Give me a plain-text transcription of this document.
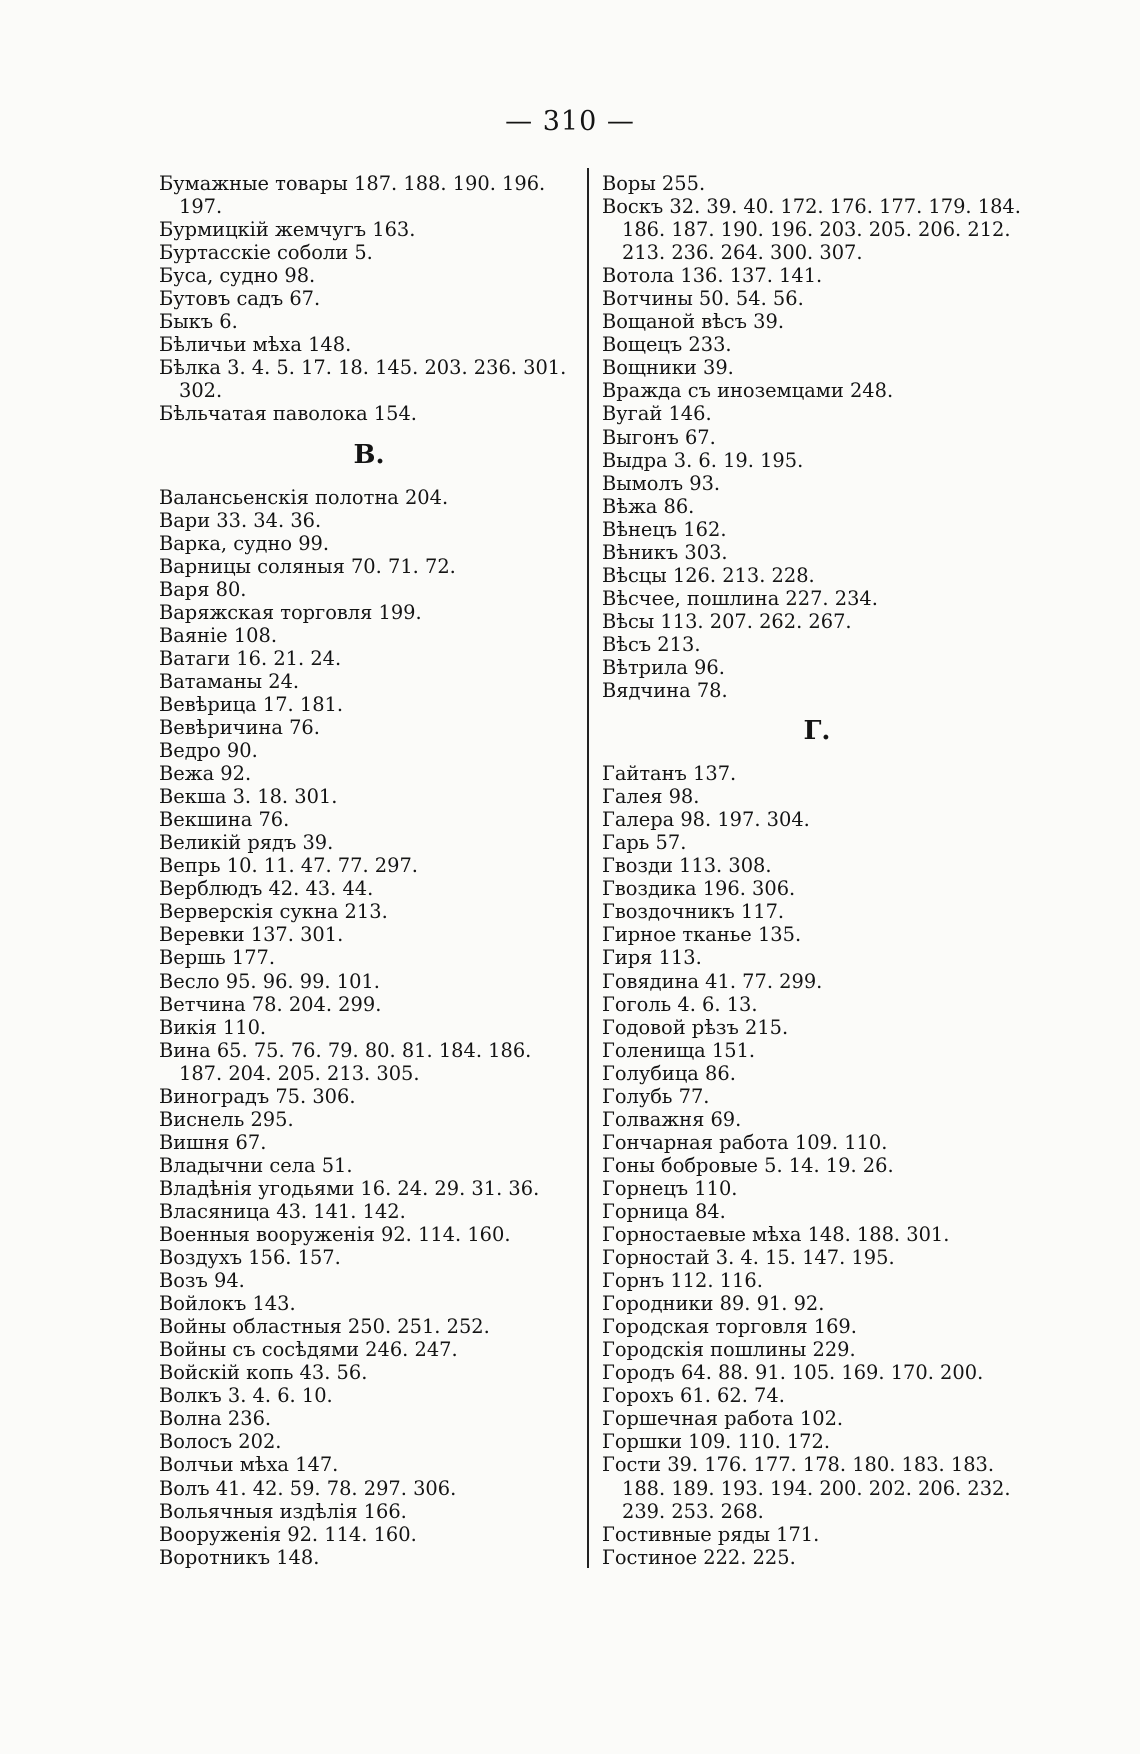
— 310 —
Бумажные товары 187. 188. 190. 196. 197.
Бурмицкій жемчугъ 163.
Буртасскіе соболи 5.
Буса, судно 98.
Бутовъ садъ 67.
Быкъ 6.
Бѣличьи мѣха 148.
Бѣлка 3. 4. 5. 17. 18. 145. 203. 236. 301. 302.
Бѣльчатая паволока 154.
В.
Валансьенскія полотна 204.
Вари 33. 34. 36.
Варка, судно 99.
Варницы соляныя 70. 71. 72.
Варя 80.
Варяжская торговля 199.
Ваяніе 108.
Ватаги 16. 21. 24.
Ватаманы 24.
Вевѣрица 17. 181.
Вевѣричина 76.
Ведро 90.
Вежа 92.
Векша 3. 18. 301.
Векшина 76.
Великій рядъ 39.
Вепрь 10. 11. 47. 77. 297.
Верблюдъ 42. 43. 44.
Верверскія сукна 213.
Веревки 137. 301.
Вершь 177.
Весло 95. 96. 99. 101.
Ветчина 78. 204. 299.
Викія 110.
Вина 65. 75. 76. 79. 80. 81. 184. 186. 187. 204. 205. 213. 305.
Виноградъ 75. 306.
Виснель 295.
Вишня 67.
Владычни села 51.
Владѣнія угодьями 16. 24. 29. 31. 36.
Власяница 43. 141. 142.
Военныя вооруженія 92. 114. 160.
Воздухъ 156. 157.
Возъ 94.
Войлокъ 143.
Войны областныя 250. 251. 252.
Войны съ сосѣдями 246. 247.
Войскій копь 43. 56.
Волкъ 3. 4. 6. 10.
Волна 236.
Волосъ 202.
Волчьи мѣха 147.
Волъ 41. 42. 59. 78. 297. 306.
Вольячныя издѣлія 166.
Вооруженія 92. 114. 160.
Воротникъ 148.
Воры 255.
Воскъ 32. 39. 40. 172. 176. 177. 179. 184. 186. 187. 190. 196. 203. 205. 206. 212. 213. 236. 264. 300. 307.
Вотола 136. 137. 141.
Вотчины 50. 54. 56.
Вощаной вѣсъ 39.
Вощецъ 233.
Вощники 39.
Вражда съ иноземцами 248.
Вугай 146.
Выгонъ 67.
Выдра 3. 6. 19. 195.
Вымолъ 93.
Вѣжа 86.
Вѣнецъ 162.
Вѣникъ 303.
Вѣсцы 126. 213. 228.
Вѣсчее, пошлина 227. 234.
Вѣсы 113. 207. 262. 267.
Вѣсъ 213.
Вѣтрила 96.
Вядчина 78.
Г.
Гайтанъ 137.
Галея 98.
Галера 98. 197. 304.
Гарь 57.
Гвозди 113. 308.
Гвоздика 196. 306.
Гвоздочникъ 117.
Гирное тканье 135.
Гиря 113.
Говядина 41. 77. 299.
Гоголь 4. 6. 13.
Годовой рѣзъ 215.
Голенища 151.
Голубица 86.
Голубь 77.
Голважня 69.
Гончарная работа 109. 110.
Гоны бобровые 5. 14. 19. 26.
Горнецъ 110.
Горница 84.
Горностаевые мѣха 148. 188. 301.
Горностай 3. 4. 15. 147. 195.
Горнъ 112. 116.
Городники 89. 91. 92.
Городская торговля 169.
Городскія пошлины 229.
Городъ 64. 88. 91. 105. 169. 170. 200.
Горохъ 61. 62. 74.
Горшечная работа 102.
Горшки 109. 110. 172.
Гости 39. 176. 177. 178. 180. 183. 183. 188. 189. 193. 194. 200. 202. 206. 232. 239. 253. 268.
Гостивные ряды 171.
Гостиное 222. 225.
